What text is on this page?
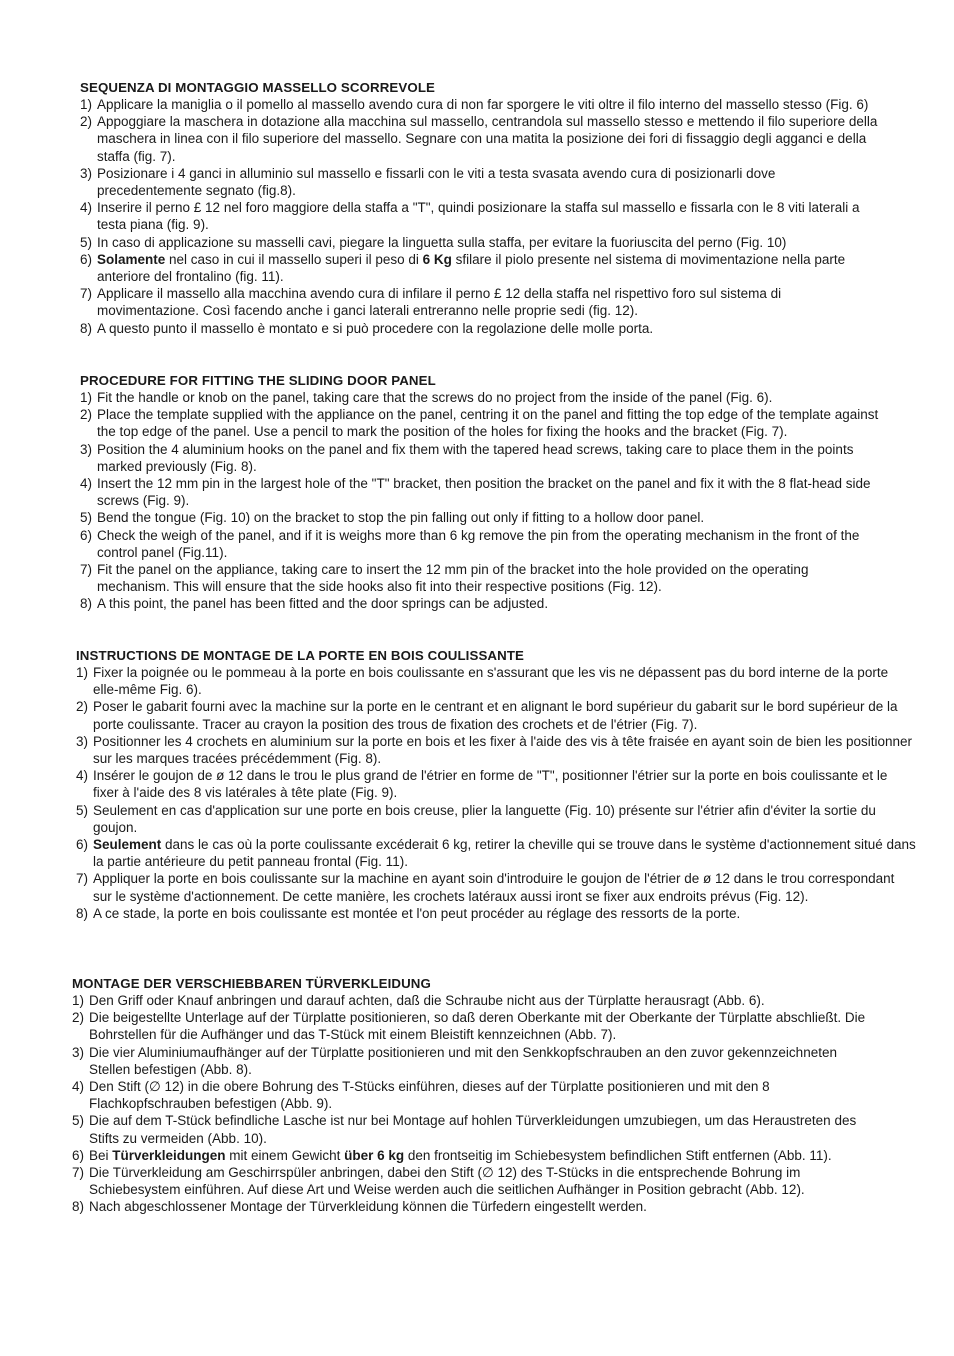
SEQUENZA DI MONTAGGIO MASSELLO SCORREVOLE
1) Applicare la maniglia o il pomello al massello avendo cura di non far sporgere le viti oltre il filo interno del massello stesso (Fig. 6)
2) Appoggiare la maschera in dotazione alla macchina sul massello, centrandola sul massello stesso e mettendo il filo superiore della maschera in linea con il filo superiore del massello. Segnare con una matita la posizione dei fori di fissaggio degli agganci e della staffa (fig. 7).
3) Posizionare i 4 ganci in alluminio sul massello e fissarli con le viti a testa svasata avendo cura di posizionarli dove precedentemente segnato (fig.8).
4) Inserire il perno £ 12 nel foro maggiore della staffa a "T", quindi posizionare la staffa sul massello e fissarla con le 8 viti laterali a testa piana (fig. 9).
5) In caso di applicazione su masselli cavi, piegare la linguetta sulla staffa, per evitare la fuoriuscita del perno (Fig. 10)
6) Solamente nel caso in cui il massello superi il peso di 6 Kg sfilare il piolo presente nel sistema di movimentazione nella parte anteriore del frontalino (fig. 11).
7) Applicare il massello alla macchina avendo cura di infilare il perno £ 12 della staffa nel rispettivo foro sul sistema di movimentazione. Così facendo anche i ganci laterali entreranno nelle proprie sedi (fig. 12).
8) A questo punto il massello è montato e si può procedere con la regolazione delle molle porta.
PROCEDURE FOR FITTING THE SLIDING DOOR PANEL
1) Fit the handle or knob on the panel, taking care that the screws do no project from the inside of the panel (Fig. 6).
2) Place the template supplied with the appliance on the panel, centring it on the panel and fitting the top edge of the template against the top edge of the panel. Use a pencil to mark the position of the holes for fixing the hooks and the bracket (Fig. 7).
3) Position the 4 aluminium hooks on the panel and fix them with the tapered head screws, taking care to place them in the points marked previously (Fig. 8).
4) Insert the 12 mm pin in the largest hole of the "T" bracket, then position the bracket on the panel and fix it with the 8 flat-head side screws (Fig. 9).
5) Bend the tongue (Fig. 10) on the bracket to stop the pin falling out only if fitting to a hollow door panel.
6) Check the weigh of the panel, and if it is weighs more than 6 kg remove the pin from the operating mechanism in the front of the control panel (Fig.11).
7) Fit the panel on the appliance, taking care to insert the 12 mm pin of the bracket into the hole provided on the operating mechanism. This will ensure that the side hooks also fit into their respective positions (Fig. 12).
8) A this point, the panel has been fitted and the door springs can be adjusted.
INSTRUCTIONS DE MONTAGE DE LA PORTE EN BOIS COULISSANTE
1) Fixer la poignée ou le pommeau à la porte en bois coulissante en s'assurant que les vis ne dépassent pas du bord interne de la porte elle-même Fig. 6).
2) Poser le gabarit fourni avec la machine sur la porte en le centrant et en alignant le bord supérieur du gabarit sur le bord supérieur de la porte coulissante. Tracer au crayon la position des trous de fixation des crochets et de l'étrier (Fig. 7).
3) Positionner les 4 crochets en aluminium sur la porte en bois et les fixer à l'aide des vis à tête fraisée en ayant soin de bien les positionner sur les marques tracées précédemment (Fig. 8).
4) Insérer le goujon de ø 12 dans le trou le plus grand de l'étrier en forme de "T", positionner l'étrier sur la porte en bois coulissante et le fixer à l'aide des 8 vis latérales à tête plate (Fig. 9).
5) Seulement en cas d'application sur une porte en bois creuse, plier la languette (Fig. 10) présente sur l'étrier afin d'éviter la sortie du goujon.
6) Seulement dans le cas où la porte coulissante excéderait 6 kg, retirer la cheville qui se trouve dans le système d'actionnement situé dans la partie antérieure du petit panneau frontal (Fig. 11).
7) Appliquer la porte en bois coulissante sur la machine en ayant soin d'introduire le goujon de l'étrier de ø 12 dans le trou correspondant sur le système d'actionnement. De cette manière, les crochets latéraux aussi iront se fixer aux endroits prévus (Fig. 12).
8) A ce stade, la porte en bois coulissante est montée et l'on peut procéder au réglage des ressorts de la porte.
MONTAGE DER VERSCHIEBBAREN TÜRVERKLEIDUNG
1) Den Griff oder Knauf anbringen und darauf achten, daß die Schraube nicht aus der Türplatte herausragt (Abb. 6).
2) Die beigestellte Unterlage auf der Türplatte positionieren, so daß deren Oberkante mit der Oberkante der Türplatte abschließt. Die Bohrstellen für die Aufhänger und das T-Stück mit einem Bleistift kennzeichnen (Abb. 7).
3) Die vier Aluminiumaufhänger auf der Türplatte positionieren und mit den Senkkopfschrauben an den zuvor gekennzeichneten Stellen befestigen (Abb. 8).
4) Den Stift (∅ 12) in die obere Bohrung des T-Stücks einführen, dieses auf der Türplatte positionieren und mit den 8 Flachkopfschrauben befestigen (Abb. 9).
5) Die auf dem T-Stück befindliche Lasche ist nur bei Montage auf hohlen Türverkleidungen umzubiegen, um das Heraustreten des Stifts zu vermeiden (Abb. 10).
6) Bei Türverkleidungen mit einem Gewicht über 6 kg den frontseitig im Schiebesystem befindlichen Stift entfernen (Abb. 11).
7) Die Türverkleidung am Geschirrspüler anbringen, dabei den Stift (∅ 12) des T-Stücks in die entsprechende Bohrung im Schiebesystem einführen. Auf diese Art und Weise werden auch die seitlichen Aufhänger in Position gebracht (Abb. 12).
8) Nach abgeschlossener Montage der Türverkleidung können die Türfedern eingestellt werden.
